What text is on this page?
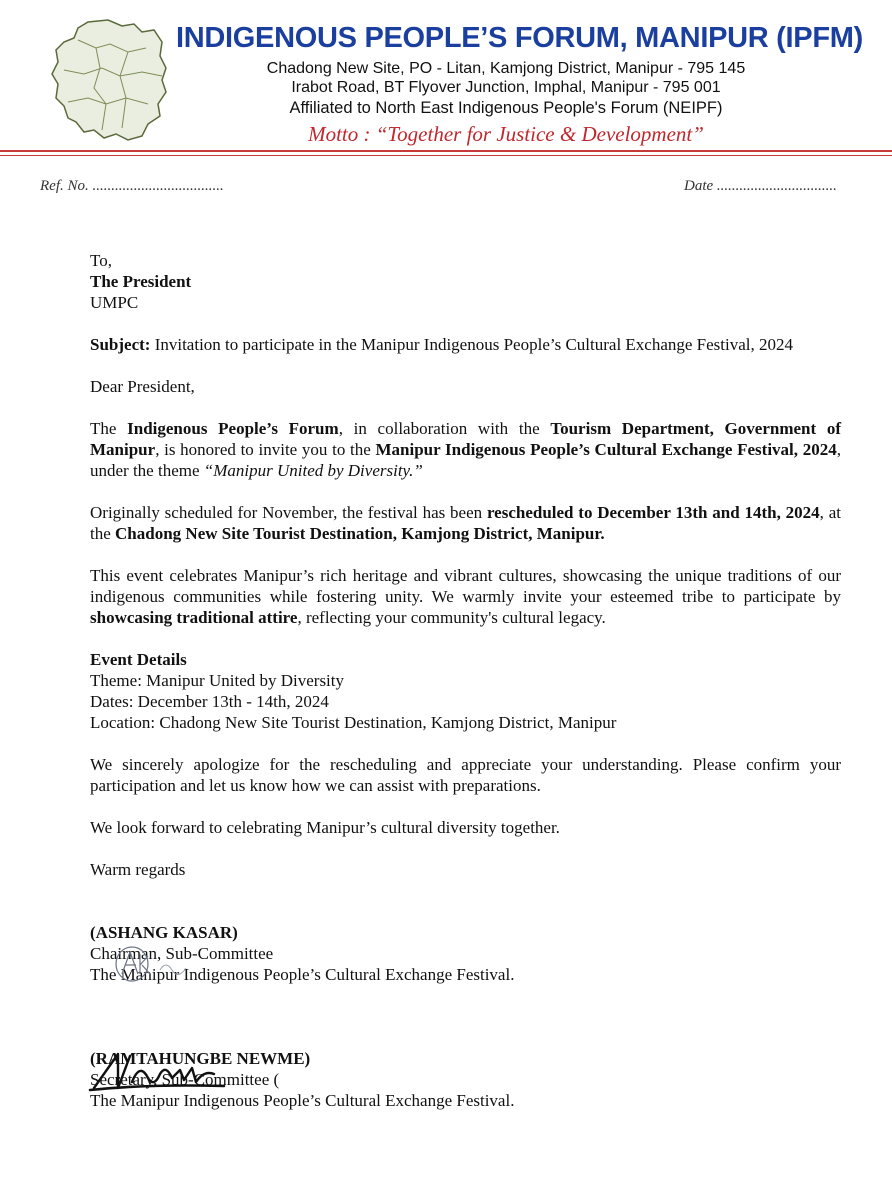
INDIGENOUS PEOPLE’S FORUM, MANIPUR (IPFM)
Chadong New Site, PO - Litan, Kamjong District, Manipur - 795 145
Irabot Road, BT Flyover Junction, Imphal, Manipur - 795 001
Affiliated to North East Indigenous People's Forum (NEIPF)
Motto : “Together for Justice & Development”
Ref. No. ...................................	Date ................................

To,

The President

UMPC

Subject: Invitation to participate in the Manipur Indigenous People’s Cultural Exchange Festival, 2024

Dear President,

The Indigenous People’s Forum, in collaboration with the Tourism Department, Government of Manipur, is honored to invite you to the Manipur Indigenous People’s Cultural Exchange Festival, 2024, under the theme “Manipur United by Diversity.”

Originally scheduled for November, the festival has been rescheduled to December 13th and 14th, 2024, at the Chadong New Site Tourist Destination, Kamjong District, Manipur.

This event celebrates Manipur’s rich heritage and vibrant cultures, showcasing the unique traditions of our indigenous communities while fostering unity. We warmly invite your esteemed tribe to participate by showcasing traditional attire, reflecting your community's cultural legacy.

Event Details

Theme: Manipur United by Diversity

Dates: December 13th - 14th, 2024

Location: Chadong New Site Tourist Destination, Kamjong District, Manipur

We sincerely apologize for the rescheduling and appreciate your understanding. Please confirm your participation and let us know how we can assist with preparations.

We look forward to celebrating Manipur’s cultural diversity together.

Warm regards

(ASHANG KASAR)

Chairman, Sub-Committee

The Manipur Indigenous People’s Cultural Exchange Festival.

(RAMTAHUNGBE NEWME)

Secretary, Sub-Committee (

The Manipur Indigenous People’s Cultural Exchange Festival.
